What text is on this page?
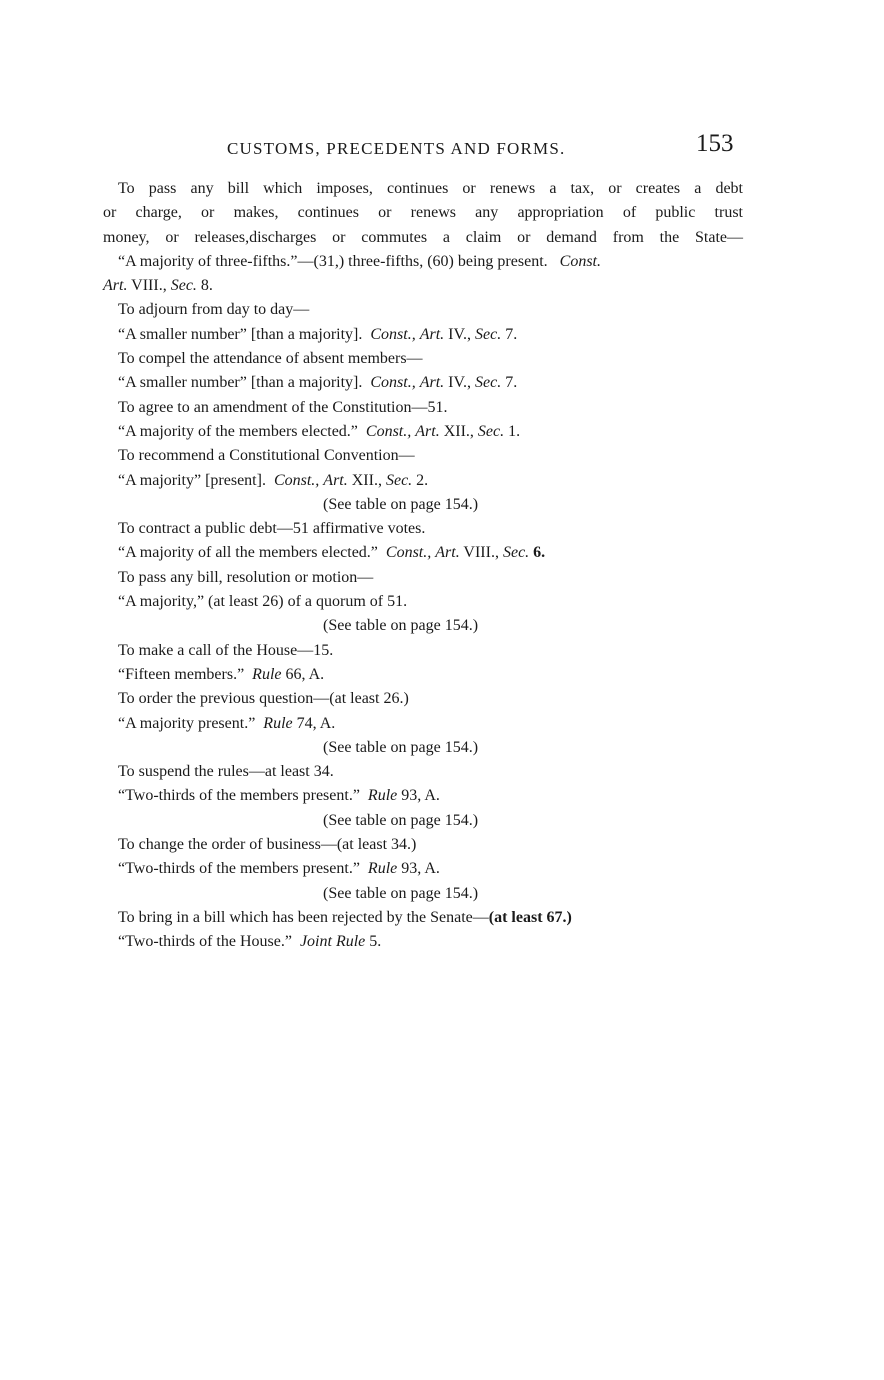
CUSTOMS, PRECEDENTS AND FORMS.	153

To pass any bill which imposes, continues or renews a tax, or creates a debt

or charge, or makes, continues or renews any appropriation of public trust

money, or releases,discharges or commutes a claim or demand from the State—

“A majority of three-fifths.”—(31,) three-fifths, (60) being present. Const.

Art. VIII., Sec. 8.

To adjourn from day to day—

“A smaller number” [than a majority]. Const., Art. IV., Sec. 7.

To compel the attendance of absent members—

“A smaller number” [than a majority]. Const., Art. IV., Sec. 7.

To agree to an amendment of the Constitution—51.

“A majority of the members elected.” Const., Art. XII., Sec. 1.

To recommend a Constitutional Convention—

“A majority” [present]. Const., Art. XII., Sec. 2.

(See table on page 154.)

To contract a public debt—51 affirmative votes.

“A majority of all the members elected.” Const., Art. VIII., Sec. 6.

To pass any bill, resolution or motion—

“A majority,” (at least 26) of a quorum of 51.

(See table on page 154.)

To make a call of the House—15.

“Fifteen members.” Rule 66, A.

To order the previous question—(at least 26.)

“A majority present.” Rule 74, A.

(See table on page 154.)

To suspend the rules—at least 34.

“Two-thirds of the members present.” Rule 93, A.

(See table on page 154.)

To change the order of business—(at least 34.)

“Two-thirds of the members present.” Rule 93, A.

(See table on page 154.)

To bring in a bill which has been rejected by the Senate—(at least 67.)

“Two-thirds of the House.” Joint Rule 5.
